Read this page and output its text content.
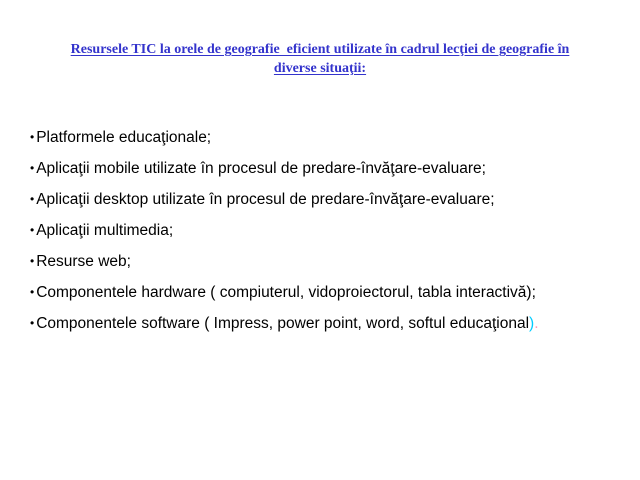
Resursele TIC la orele de geografie  eficient utilizate în cadrul lecţiei de geografie în
diverse situaţii:
• Platformele educaţionale;
• Aplicaţii mobile utilizate în procesul de predare-învăţare-evaluare;
• Aplicaţii desktop utilizate în procesul de predare-învăţare-evaluare;
• Aplicaţii multimedia;
• Resurse web;
• Componentele hardware ( compiuterul, vidoproiectorul, tabla interactivă);
• Componentele software ( Impress, power point, word, softul educaţional).
